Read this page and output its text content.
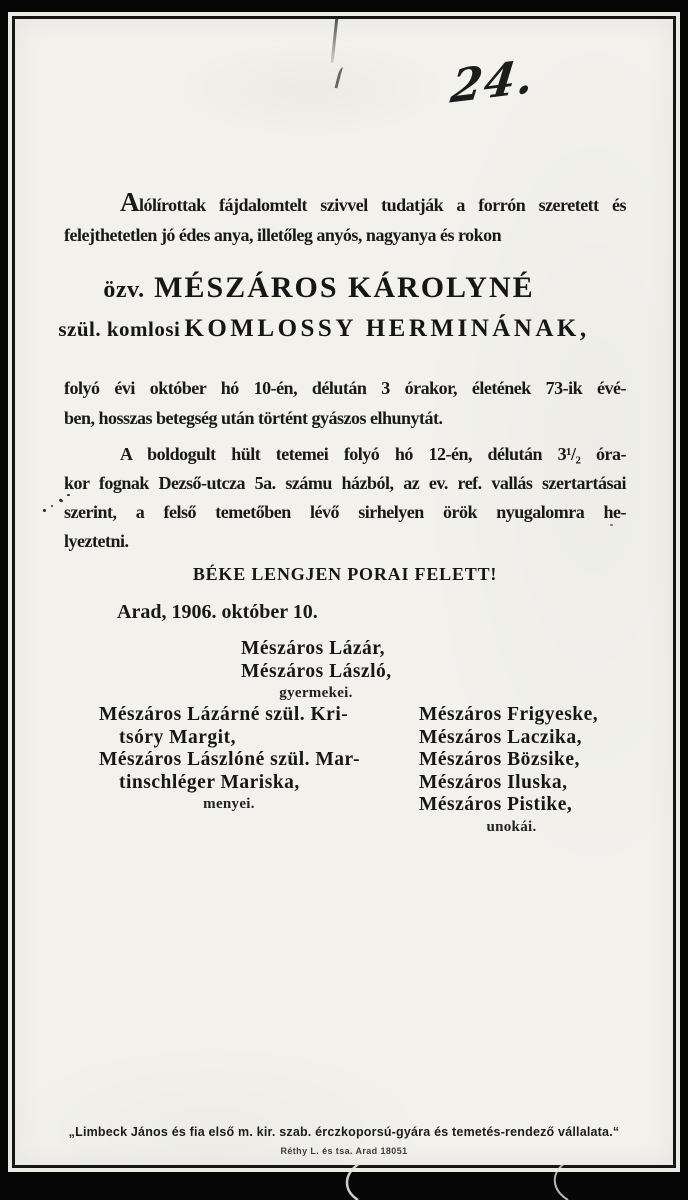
24.
Alólírottak fájdalomtelt szivvel tudatják a forrón szeretett és
felejthetetlen jó édes anya, illetőleg anyós, nagyanya és rokon
özv. MÉSZÁROS KÁROLYNÉ
szül. komlosi KOMLOSSY HERMINÁNAK,
folyó évi október hó 10-én, délután 3 órakor, életének 73-ik évé-
ben, hosszas betegség után történt gyászos elhunytát.
A boldogult hült tetemei folyó hó 12-én, délután 3¹/₂ óra-
kor fognak Dezső-utcza 5a. számu házból, az ev. ref. vallás szertartásai
szerint, a felső temetőben lévő sirhelyen örök nyugalomra he-
lyeztetni.
BÉKE LENGJEN PORAI FELETT!
Arad, 1906. október 10.
Mészáros Lázár,
Mészáros László,
gyermekei.
Mészáros Lázárné szül. Kri-
tsóry Margit,
Mészáros Lászlóné szül. Mar-
tinschléger Mariska,
menyei.
Mészáros Frigyeske,
Mészáros Laczika,
Mészáros Bözsike,
Mészáros Iluska,
Mészáros Pistike,
unokái.
„Limbeck János és fia első m. kir. szab. érczkoporsú-gyára és temetés-rendező vállalata.“
Réthy L. és tsa. Arad 18051
